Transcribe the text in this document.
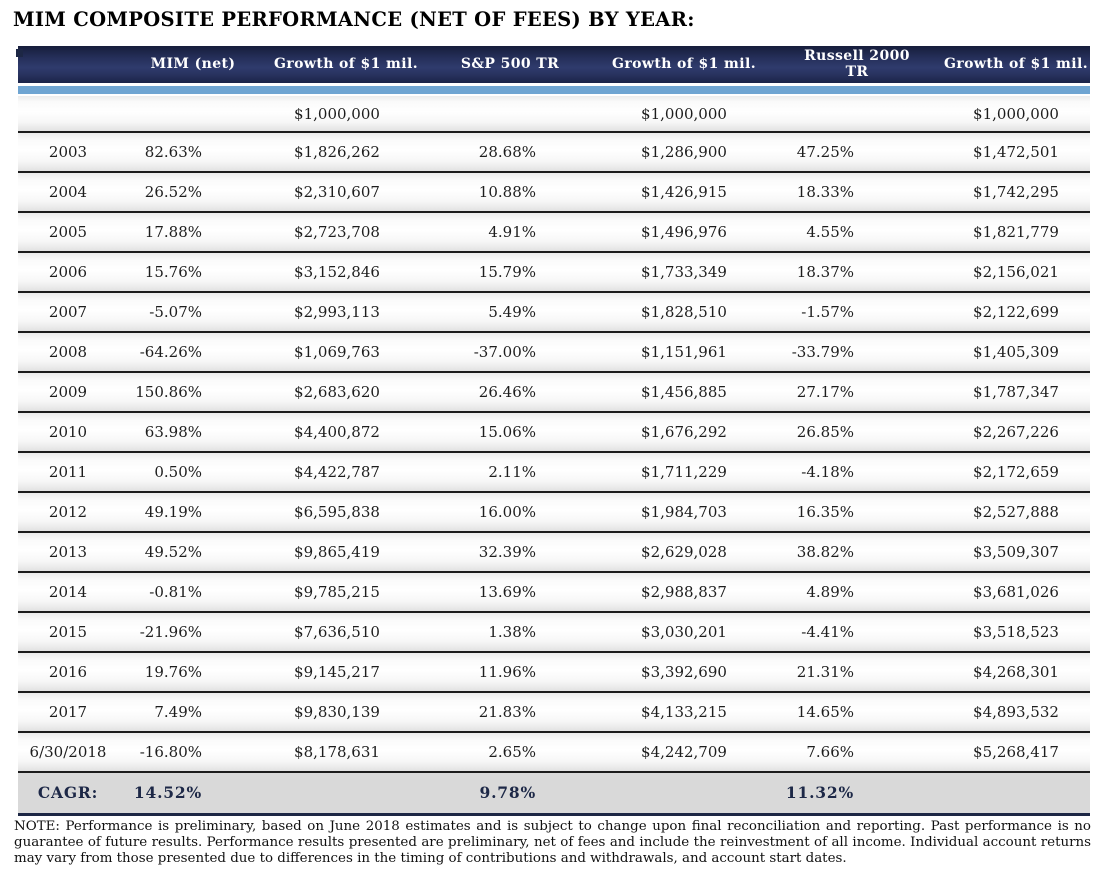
MIM COMPOSITE PERFORMANCE (NET OF FEES) BY YEAR:
	MIM (net)	Growth of $1 mil.	S&P 500 TR	Growth of $1 mil.	Russell 2000 TR	Growth of $1 mil.

		$1,000,000		$1,000,000		$1,000,000
2003	82.63%	$1,826,262	28.68%	$1,286,900	47.25%	$1,472,501
2004	26.52%	$2,310,607	10.88%	$1,426,915	18.33%	$1,742,295
2005	17.88%	$2,723,708	4.91%	$1,496,976	4.55%	$1,821,779
2006	15.76%	$3,152,846	15.79%	$1,733,349	18.37%	$2,156,021
2007	-5.07%	$2,993,113	5.49%	$1,828,510	-1.57%	$2,122,699
2008	-64.26%	$1,069,763	-37.00%	$1,151,961	-33.79%	$1,405,309
2009	150.86%	$2,683,620	26.46%	$1,456,885	27.17%	$1,787,347
2010	63.98%	$4,400,872	15.06%	$1,676,292	26.85%	$2,267,226
2011	0.50%	$4,422,787	2.11%	$1,711,229	-4.18%	$2,172,659
2012	49.19%	$6,595,838	16.00%	$1,984,703	16.35%	$2,527,888
2013	49.52%	$9,865,419	32.39%	$2,629,028	38.82%	$3,509,307
2014	-0.81%	$9,785,215	13.69%	$2,988,837	4.89%	$3,681,026
2015	-21.96%	$7,636,510	1.38%	$3,030,201	-4.41%	$3,518,523
2016	19.76%	$9,145,217	11.96%	$3,392,690	21.31%	$4,268,301
2017	7.49%	$9,830,139	21.83%	$4,133,215	14.65%	$4,893,532
6/30/2018	-16.80%	$8,178,631	2.65%	$4,242,709	7.66%	$5,268,417
CAGR:	14.52%		9.78%		11.32%	

NOTE: Performance is preliminary, based on June 2018 estimates and is subject to change upon final reconciliation and reporting. Past performance is no guarantee of future results. Performance results presented are preliminary, net of fees and include the reinvestment of all income. Individual account returns may vary from those presented due to differences in the timing of contributions and withdrawals, and account start dates.
